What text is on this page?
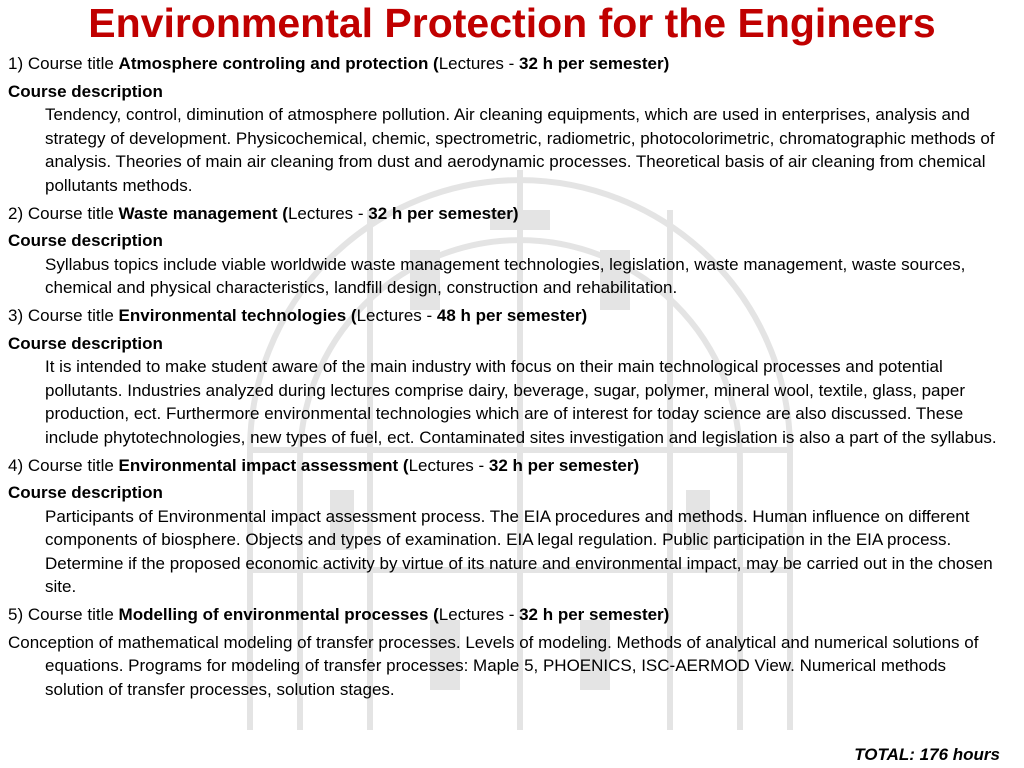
Environmental Protection for the Engineers
1) Course title Atmosphere controling and protection (Lectures - 32 h per semester)
Course description
Tendency, control, diminution of atmosphere pollution. Air cleaning equipments, which are used in enterprises, analysis and strategy of development. Physicochemical, chemic, spectrometric, radiometric, photocolorimetric, chromatographic methods of analysis. Theories of main air cleaning from dust and aerodynamic processes. Theoretical basis of air cleaning from chemical pollutants methods.
2) Course title Waste management (Lectures - 32 h per semester)
Course description
Syllabus topics include viable worldwide waste management technologies, legislation, waste management, waste sources, chemical and physical characteristics, landfill design, construction and rehabilitation.
3) Course title Environmental technologies (Lectures - 48 h per semester)
Course description
It is intended to make student aware of the main industry with focus on their main technological processes and potential pollutants. Industries analyzed during lectures comprise dairy, beverage, sugar, polymer, mineral wool, textile, glass, paper production, ect. Furthermore environmental technologies which are of interest for today science are also discussed. These include phytotechnologies, new types of fuel, ect. Contaminated sites investigation and legislation is also a part of the syllabus.
4) Course title Environmental impact assessment (Lectures - 32 h per semester)
Course description
Participants of Environmental impact assessment process. The EIA procedures and methods. Human influence on different components of biosphere. Objects and types of examination. EIA legal regulation. Public participation in the EIA process. Determine if the proposed economic activity by virtue of its nature and environmental impact, may be carried out in the chosen site.
5) Course title Modelling of environmental processes (Lectures - 32 h per semester)
Conception of mathematical modeling of transfer processes. Levels of modeling. Methods of analytical and numerical solutions of equations. Programs for modeling of transfer processes: Maple 5, PHOENICS, ISC-AERMOD View. Numerical methods solution of transfer processes, solution stages.
TOTAL: 176 hours
